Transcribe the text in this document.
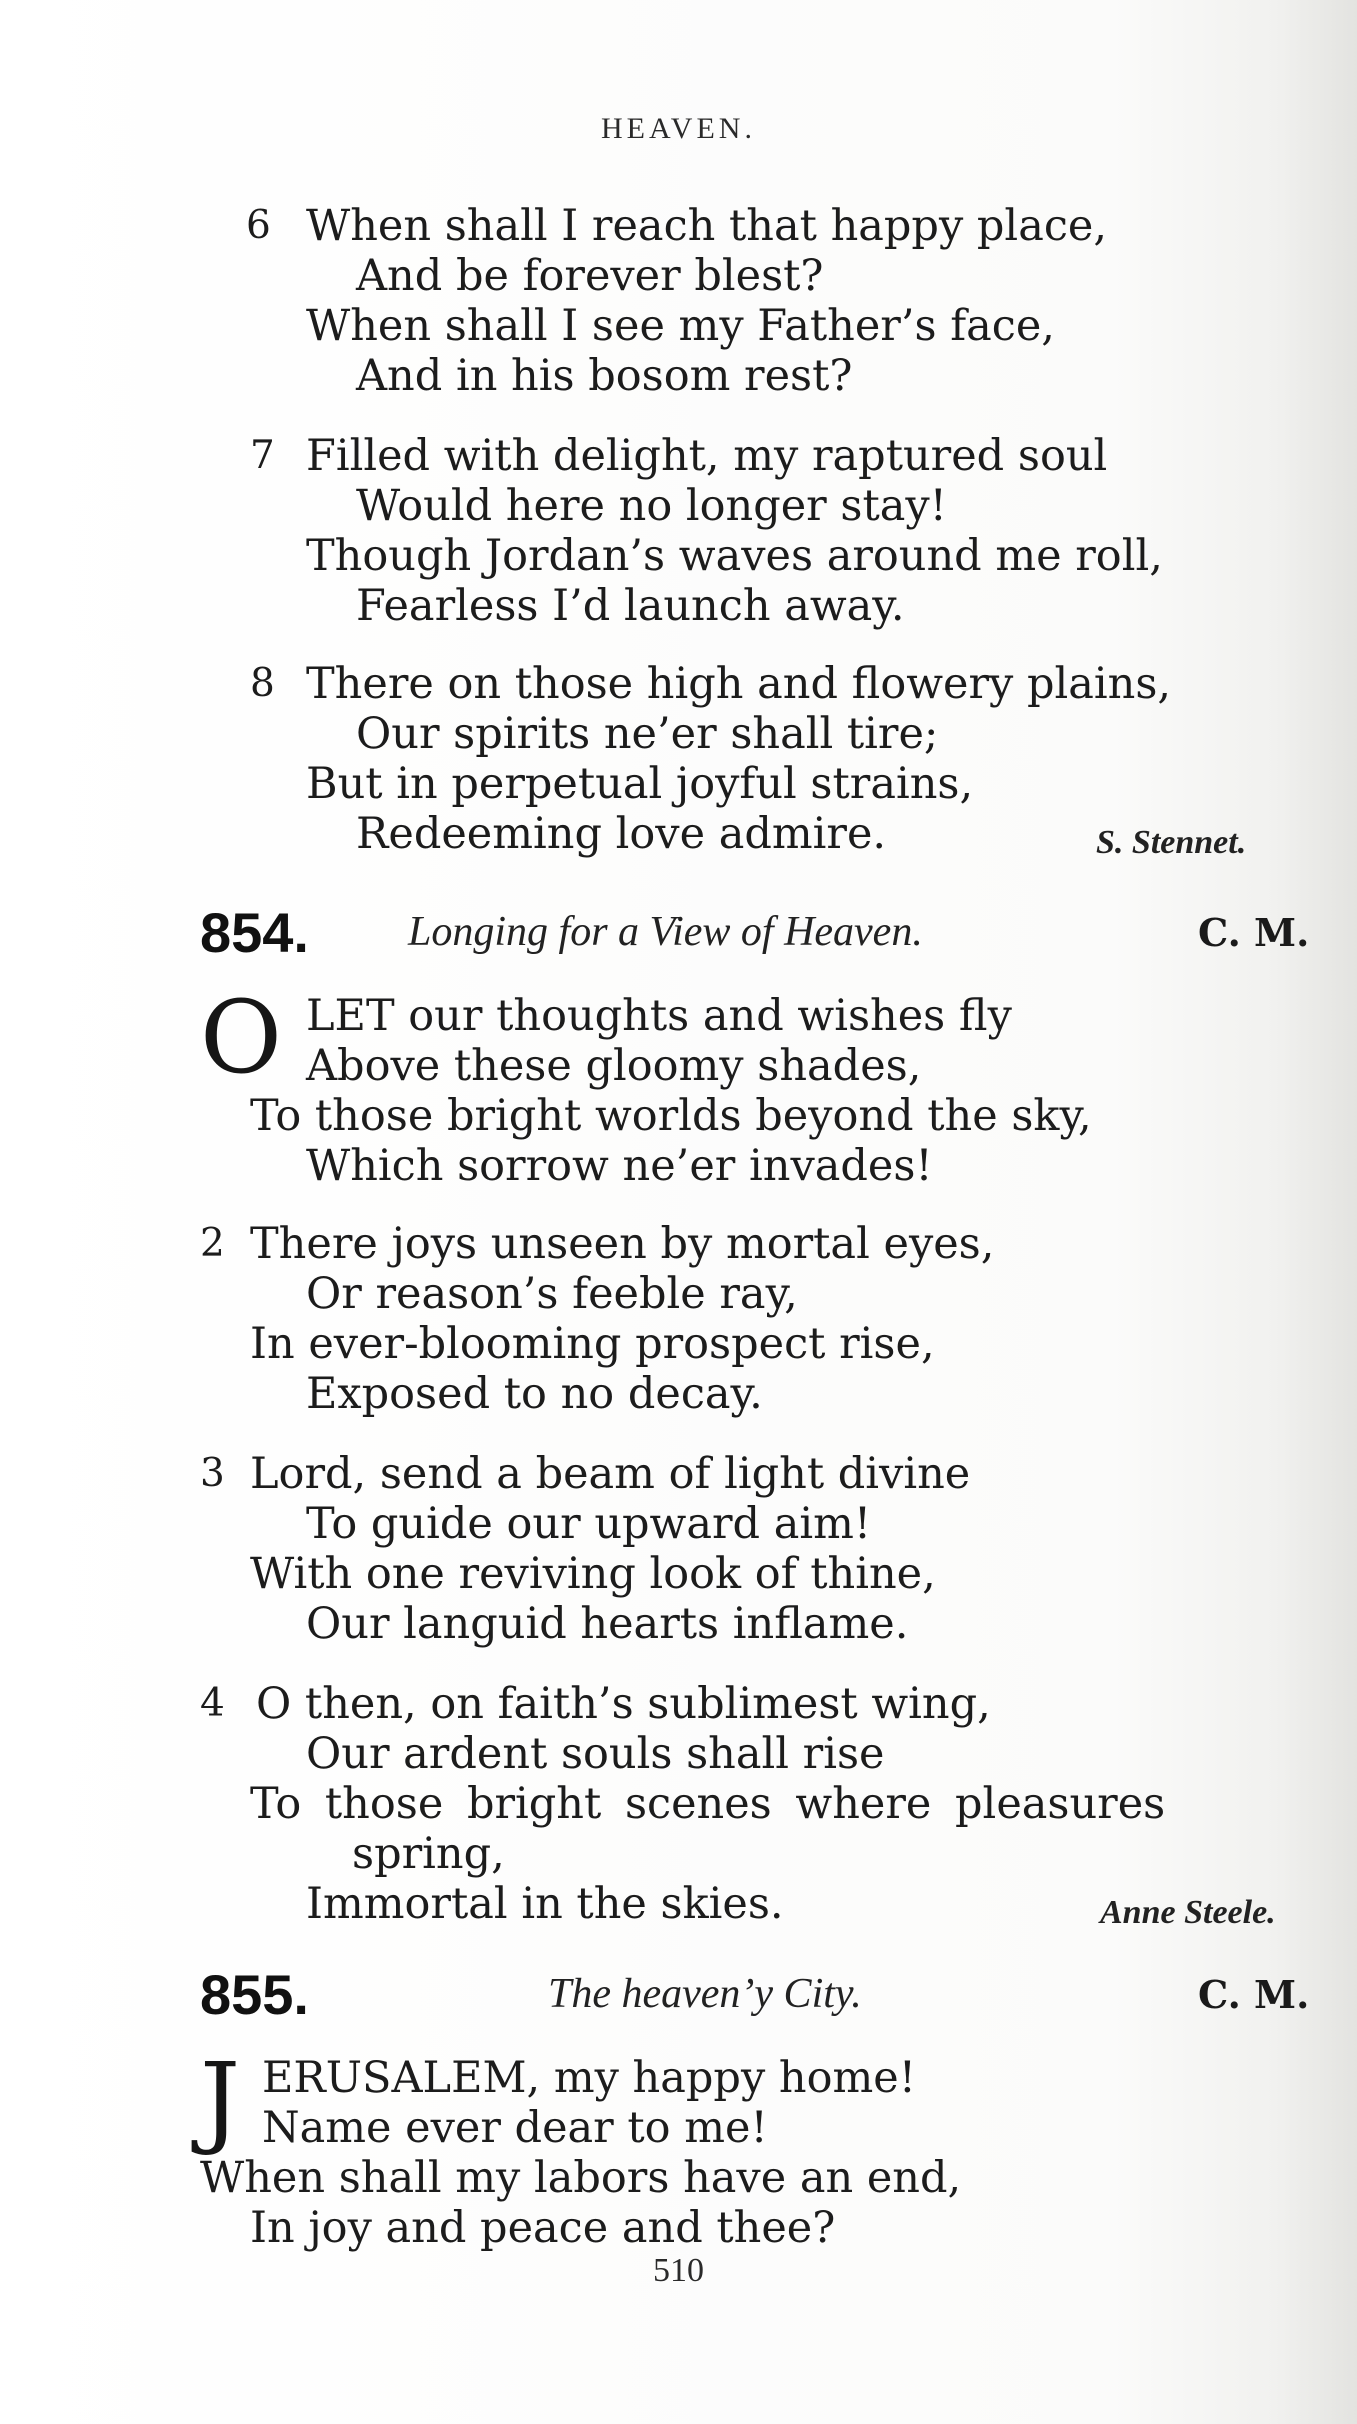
HEAVEN.
6 When shall I reach that happy place,
And be forever blest?
When shall I see my Father’s face,
And in his bosom rest?
7 Filled with delight, my raptured soul
Would here no longer stay!
Though Jordan’s waves around me roll,
Fearless I’d launch away.
8 There on those high and flowery plains,
Our spirits ne’er shall tire;
But in perpetual joyful strains,
Redeeming love admire.	S. Stennet.
854. Longing for a View of Heaven.	C. M.
O LET our thoughts and wishes fly
Above these gloomy shades,
To those bright worlds beyond the sky,
Which sorrow ne’er invades!
2 There joys unseen by mortal eyes,
Or reason’s feeble ray,
In ever-blooming prospect rise,
Exposed to no decay.
3 Lord, send a beam of light divine
To guide our upward aim!
With one reviving look of thine,
Our languid hearts inflame.
4 O then, on faith’s sublimest wing,
Our ardent souls shall rise
To those bright scenes where pleasures
spring,
Immortal in the skies.	Anne Steele.
855.	The heaven’y City.	C. M.
J ERUSALEM, my happy home!
Name ever dear to me!
When shall my labors have an end,
In joy and peace and thee?
510
